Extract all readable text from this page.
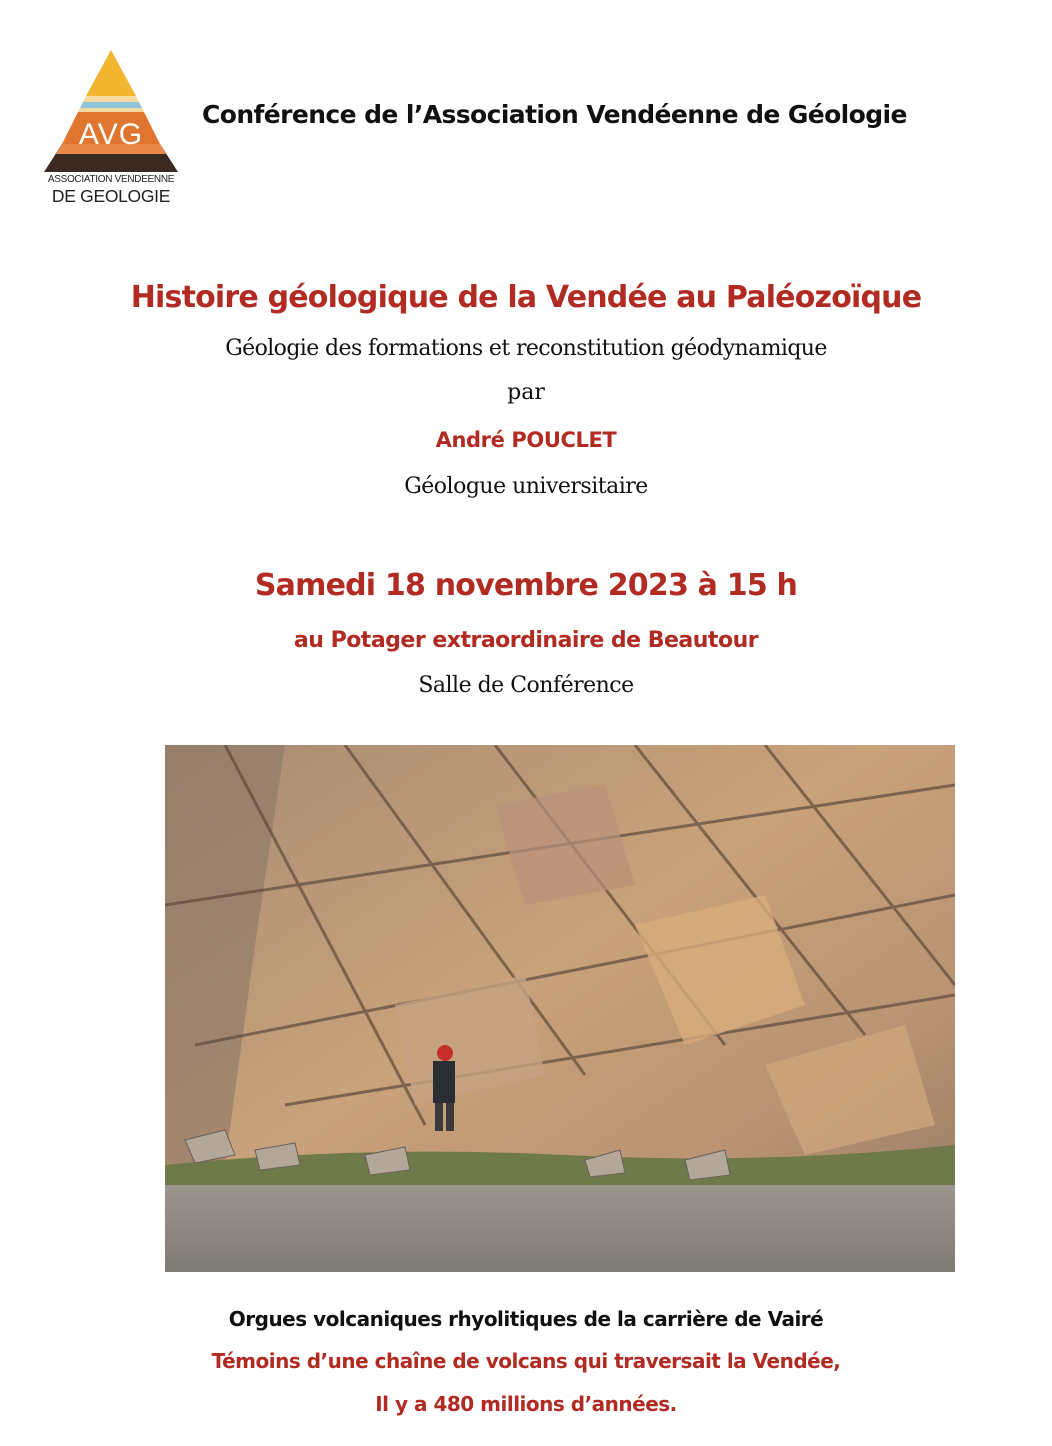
AVG
ASSOCIATION VENDEENNE
DE GEOLOGIE
Conférence de l’Association Vendéenne de Géologie
Histoire géologique de la Vendée au Paléozoïque
Géologie des formations et reconstitution géodynamique
par
André POUCLET
Géologue universitaire
Samedi 18 novembre 2023 à 15 h
au Potager extraordinaire de Beautour
Salle de Conférence
Orgues volcaniques rhyolitiques de la carrière de Vairé
Témoins d’une chaîne de volcans qui traversait la Vendée,
Il y a 480 millions d’années.
